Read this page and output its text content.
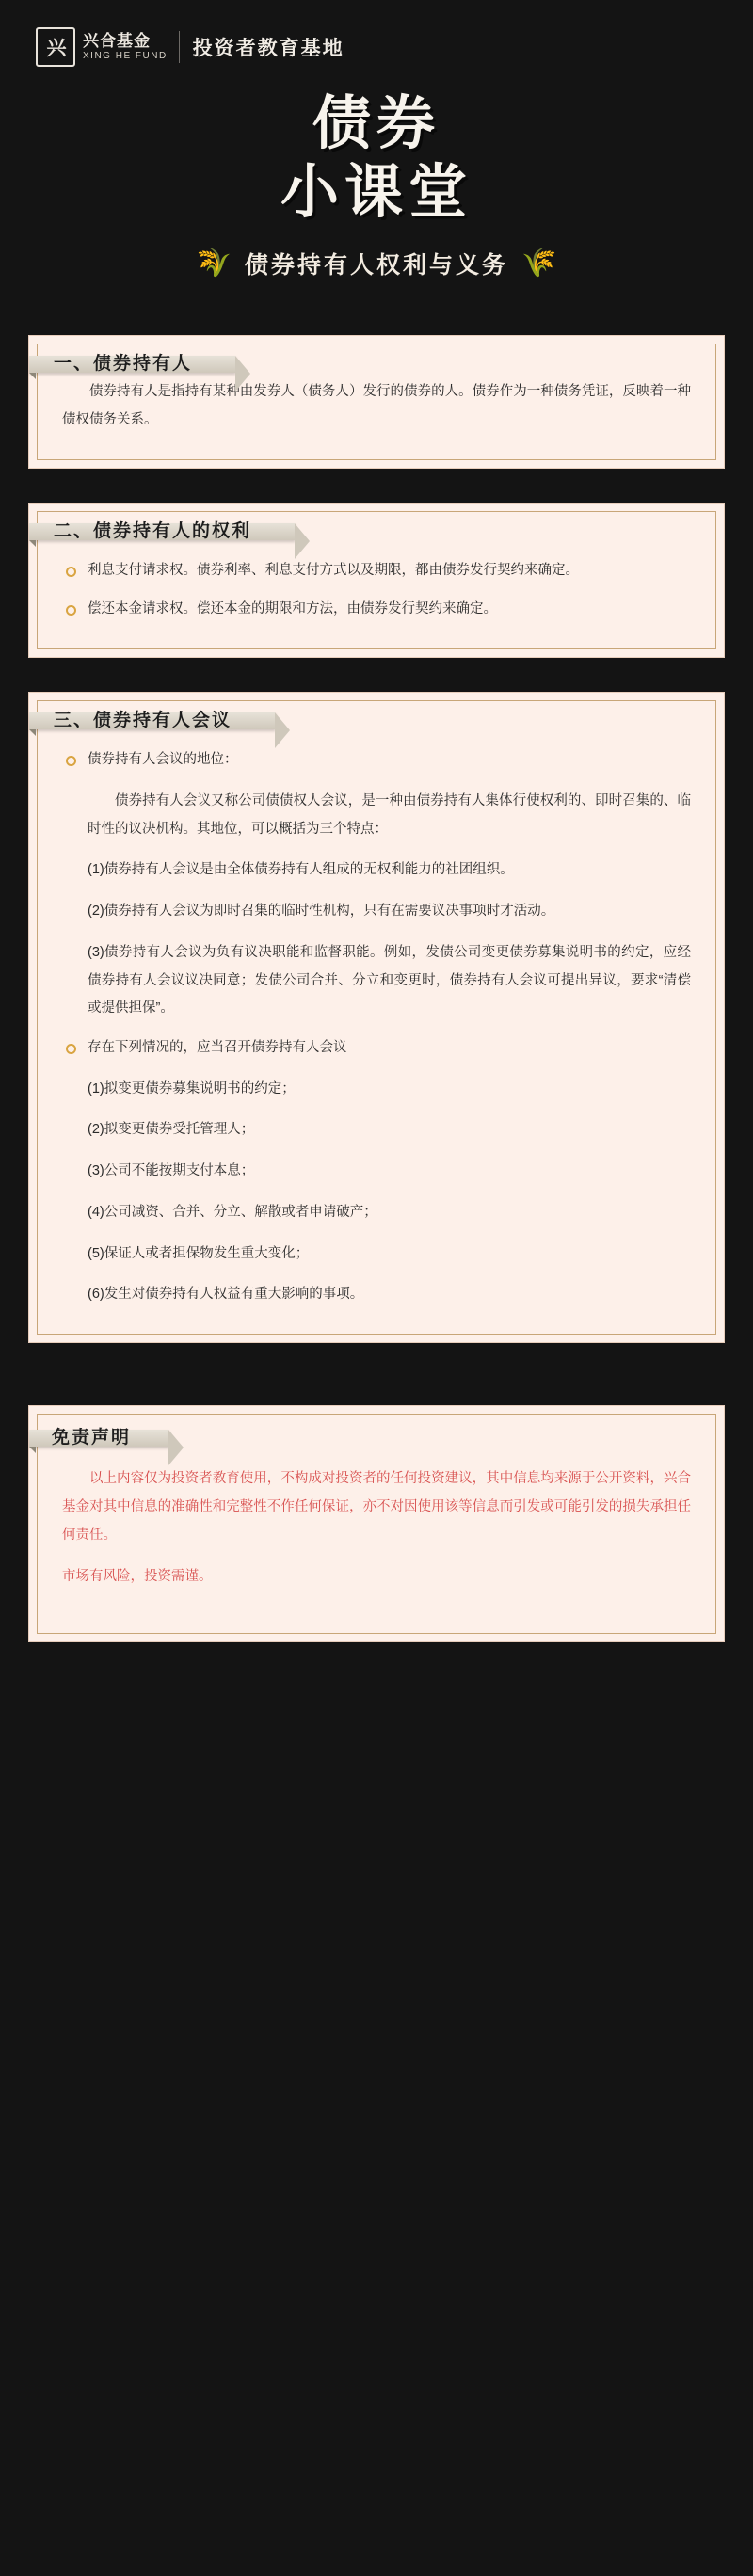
兴 兴合基金
XING HE FUND 投资者教育基地
债券
小课堂
🌾 债券持有人权利与义务 🌾
一、债券持有人

债券持有人是指持有某种由发券人（债务人）发行的债券的人。债券作为一种债务凭证，反映着一种债权债务关系。

二、债券持有人的权利
利息支付请求权。债券利率、利息支付方式以及期限，都由债券发行契约来确定。
偿还本金请求权。偿还本金的期限和方法，由债券发行契约来确定。
三、债券持有人会议
债券持有人会议的地位：

债券持有人会议又称公司债债权人会议，是一种由债券持有人集体行使权利的、即时召集的、临时性的议决机构。其地位，可以概括为三个特点：

(1)债券持有人会议是由全体债券持有人组成的无权利能力的社团组织。

(2)债券持有人会议为即时召集的临时性机构，只有在需要议决事项时才活动。

(3)债券持有人会议为负有议决职能和监督职能。例如，发债公司变更债券募集说明书的约定，应经债券持有人会议议决同意；发债公司合并、分立和变更时，债券持有人会议可提出异议，要求“清偿或提供担保”。

存在下列情况的，应当召开债券持有人会议

(1)拟变更债券募集说明书的约定；

(2)拟变更债券受托管理人；

(3)公司不能按期支付本息；

(4)公司减资、合并、分立、解散或者申请破产；

(5)保证人或者担保物发生重大变化；

(6)发生对债券持有人权益有重大影响的事项。

免责声明

以上内容仅为投资者教育使用，不构成对投资者的任何投资建议，其中信息均来源于公开资料，兴合基金对其中信息的准确性和完整性不作任何保证，亦不对因使用该等信息而引发或可能引发的损失承担任何责任。

市场有风险，投资需谨。
